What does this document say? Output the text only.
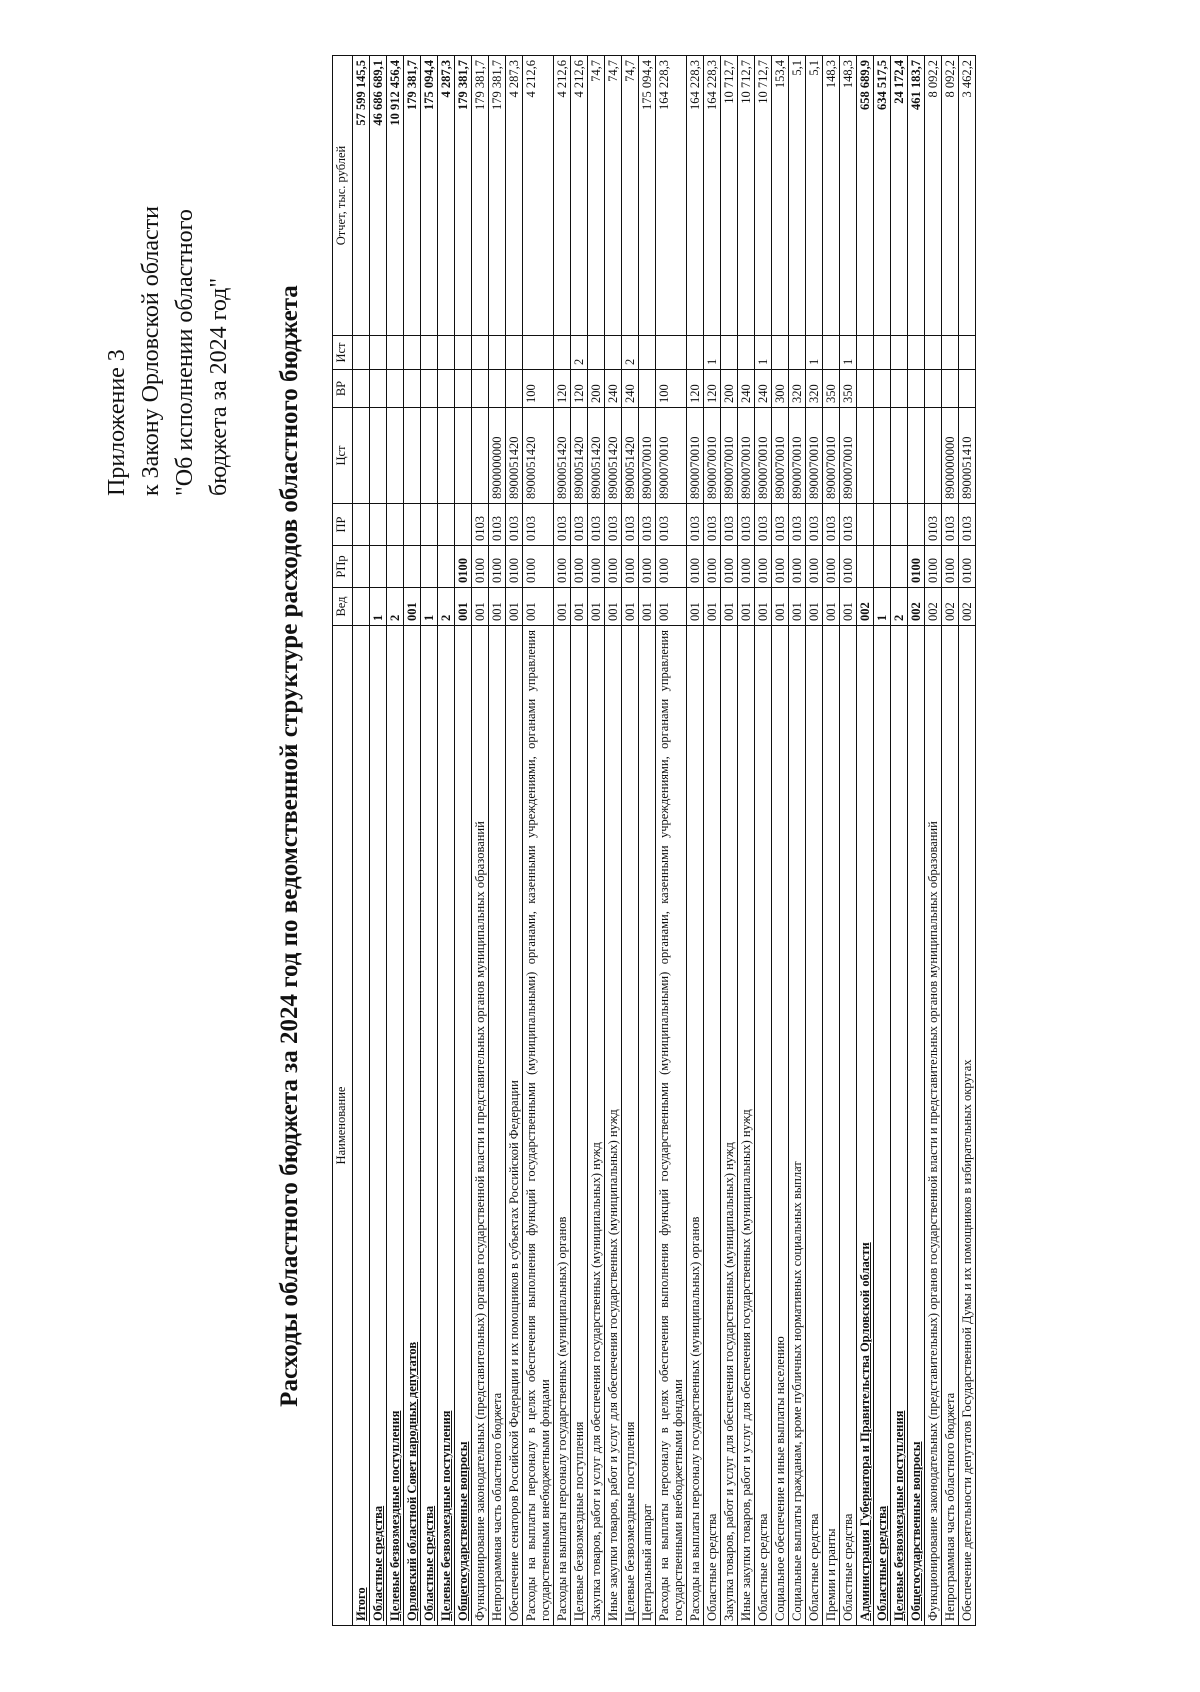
Приложение 3 к Закону Орловской области "Об исполнении областного бюджета за 2024 год" Расходы областного бюджета за 2024 год по ведомственной структуре расходов областного бюджета Наименование	Вед	РПр	ПР	Цст	ВР	Ист	Отчет, тыс. рублей
Итого							57 599 145,5
Областные средства	1						46 686 689,1
Целевые безвозмездные поступления	2						10 912 456,4
Орловский областной Совет народных депутатов	001						179 381,7
Областные средства	1						175 094,4
Целевые безвозмездные поступления	2						4 287,3
Общегосударственные вопросы	001	0100					179 381,7
Функционирование законодательных (представительных) органов государственной власти и представительных органов муниципальных образований	001	0100	0103				179 381,7
Непрограммная часть областного бюджета	001	0100	0103	8900000000			179 381,7
Обеспечение сенаторов Российской Федерации и их помощников в субъектах Российской Федерации	001	0100	0103	8900051420			4 287,3
Расходы на выплаты персоналу в целях обеспечения выполнения функций государственными (муниципальными) органами, казенными учреждениями, органами управления государственными внебюджетными фондами	001	0100	0103	8900051420	100		4 212,6
Расходы на выплаты персоналу государственных (муниципальных) органов	001	0100	0103	8900051420	120		4 212,6
Целевые безвозмездные поступления	001	0100	0103	8900051420	120	2	4 212,6
Закупка товаров, работ и услуг для обеспечения государственных (муниципальных) нужд	001	0100	0103	8900051420	200		74,7
Иные закупки товаров, работ и услуг для обеспечения государственных (муниципальных) нужд	001	0100	0103	8900051420	240		74,7
Целевые безвозмездные поступления	001	0100	0103	8900051420	240	2	74,7
Центральный аппарат	001	0100	0103	8900070010			175 094,4
Расходы на выплаты персоналу в целях обеспечения выполнения функций государственными (муниципальными) органами, казенными учреждениями, органами управления государственными внебюджетными фондами	001	0100	0103	8900070010	100		164 228,3
Расходы на выплаты персоналу государственных (муниципальных) органов	001	0100	0103	8900070010	120		164 228,3
Областные средства	001	0100	0103	8900070010	120	1	164 228,3
Закупка товаров, работ и услуг для обеспечения государственных (муниципальных) нужд	001	0100	0103	8900070010	200		10 712,7
Иные закупки товаров, работ и услуг для обеспечения государственных (муниципальных) нужд	001	0100	0103	8900070010	240		10 712,7
Областные средства	001	0100	0103	8900070010	240	1	10 712,7
Социальное обеспечение и иные выплаты населению	001	0100	0103	8900070010	300		153,4
Социальные выплаты гражданам, кроме публичных нормативных социальных выплат	001	0100	0103	8900070010	320		5,1
Областные средства	001	0100	0103	8900070010	320	1	5,1
Премии и гранты	001	0100	0103	8900070010	350		148,3
Областные средства	001	0100	0103	8900070010	350	1	148,3
Администрация Губернатора и Правительства Орловской области	002						658 689,9
Областные средства	1						634 517,5
Целевые безвозмездные поступления	2						24 172,4
Общегосударственные вопросы	002	0100					461 183,7
Функционирование законодательных (представительных) органов государственной власти и представительных органов муниципальных образований	002	0100	0103				8 092,2
Непрограммная часть областного бюджета	002	0100	0103	8900000000			8 092,2
Обеспечение деятельности депутатов Государственной Думы и их помощников в избирательных округах	002	0100	0103	8900051410			3 462,2
